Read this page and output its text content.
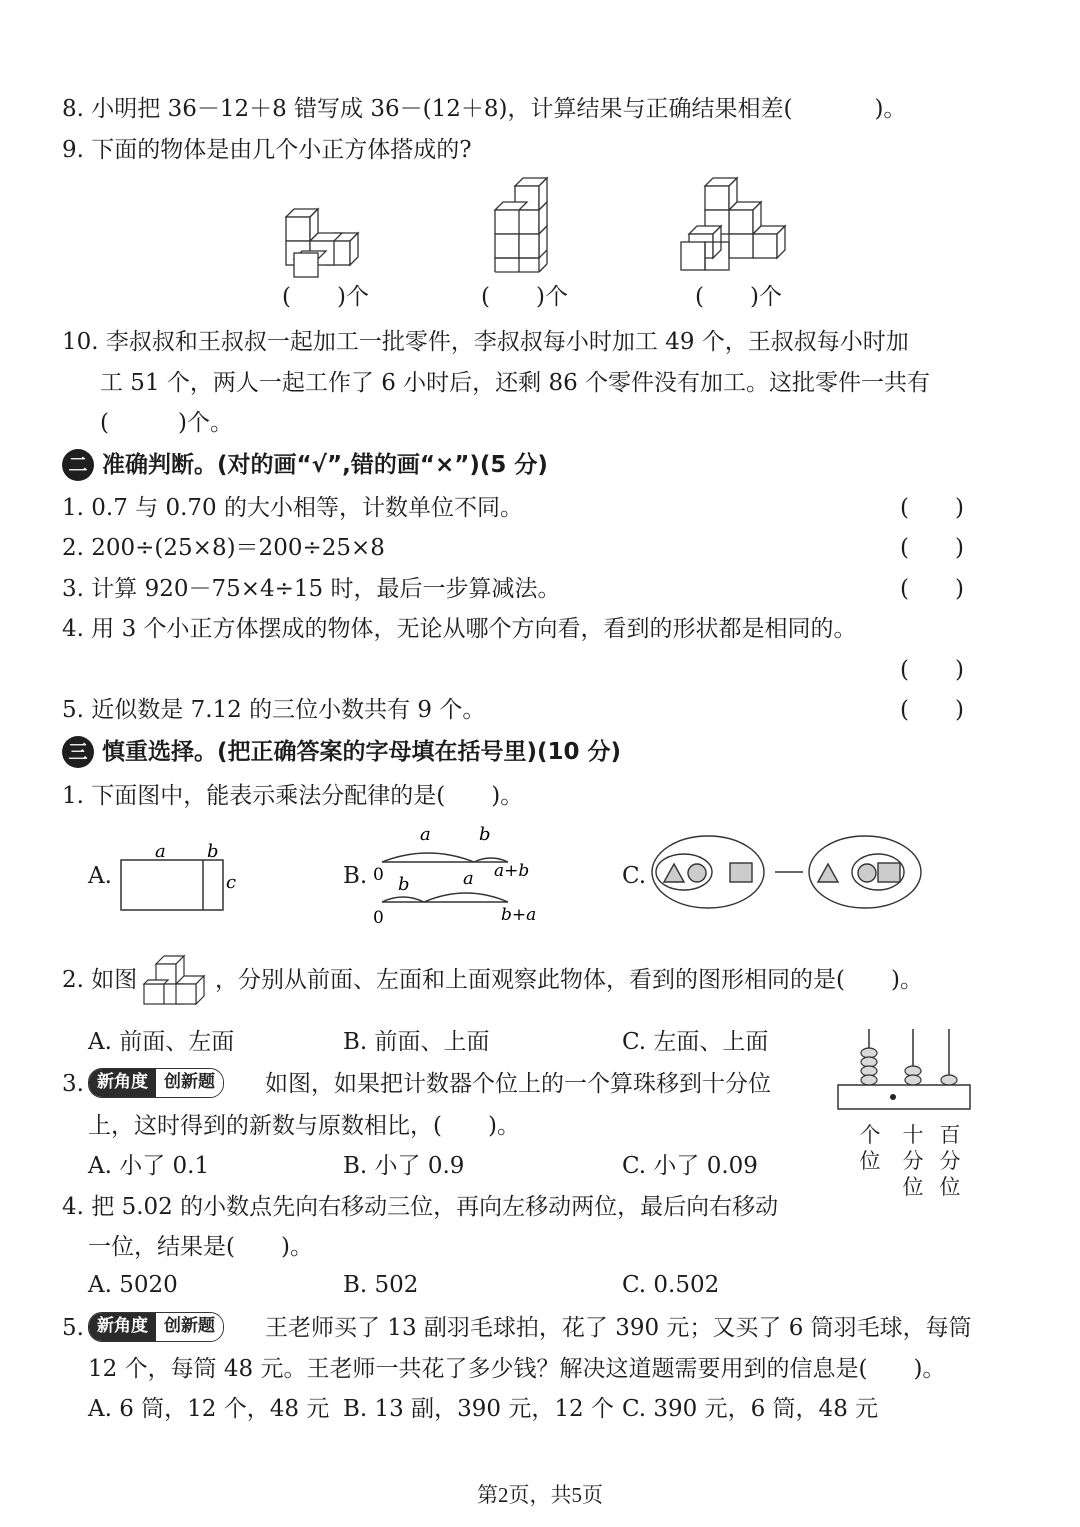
8. 小明把 36－12＋8 错写成 36－(12＋8)，计算结果与正确结果相差(	)。
9. 下面的物体是由几个小正方体搭成的?
(　　)个	(　　)个	(　　)个
10. 李叔叔和王叔叔一起加工一批零件，李叔叔每小时加工 49 个，王叔叔每小时加
工 51 个，两人一起工作了 6 小时后，还剩 86 个零件没有加工。这批零件一共有
(　　　)个。
二 准确判断。(对的画“√”,错的画“×”)(5 分)
1. 0.7 与 0.70 的大小相等，计数单位不同。	(　　)
2. 200÷(25×8)＝200÷25×8	(　　)
3. 计算 920－75×4÷15 时，最后一步算减法。	(　　)
4. 用 3 个小正方体摆成的物体，无论从哪个方向看，看到的形状都是相同的。
(　　)
5. 近似数是 7.12 的三位小数共有 9 个。	(　　)
三 慎重选择。(把正确答案的字母填在括号里)(10 分)
1. 下面图中，能表示乘法分配律的是(　　)。
A.
a b
c	B.
a	b
0	a+b
b	a
0	b+a
C.
2. 如图	，分别从前面、左面和上面观察此物体，看到的图形相同的是(　　)。
A. 前面、左面	B. 前面、上面	C. 左面、上面
3. 新角度 创新题	如图，如果把计数器个位上的一个算珠移到十分位
上，这时得到的新数与原数相比，(　　)。
A. 小了 0.1	B. 小了 0.9	C. 小了 0.09
个
位
十
分
位
百
分
位
4. 把 5.02 的小数点先向右移动三位，再向左移动两位，最后向右移动
一位，结果是(　　)。
A. 5020	B. 502	C. 0.502
5. 新角度 创新题	王老师买了 13 副羽毛球拍，花了 390 元；又买了 6 筒羽毛球，每筒
12 个，每筒 48 元。王老师一共花了多少钱？解决这道题需要用到的信息是(　　)。
A. 6 筒，12 个，48 元 B. 13 副，390 元，12 个 C. 390 元，6 筒，48 元
第2页，共5页
